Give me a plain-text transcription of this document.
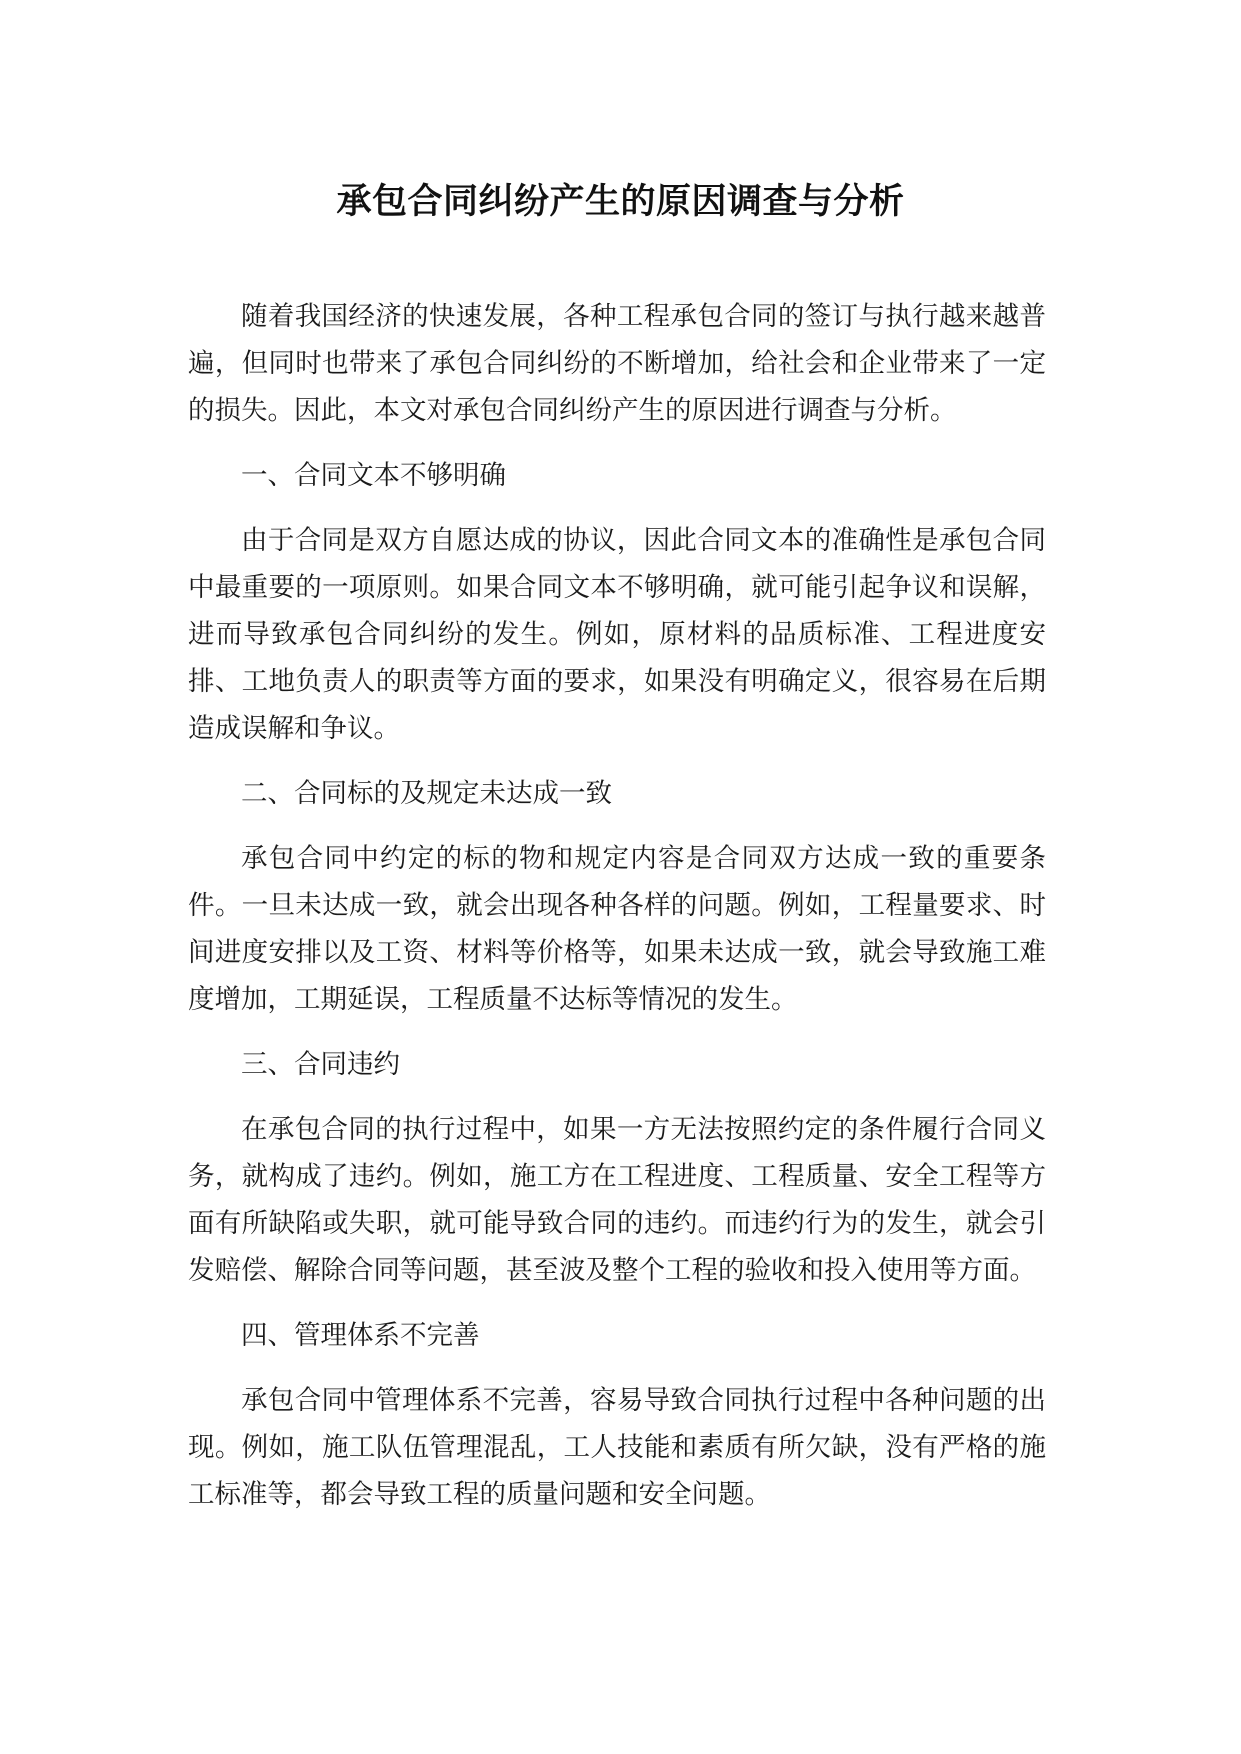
承包合同纠纷产生的原因调查与分析

随着我国经济的快速发展，各种工程承包合同的签订与执行越来越普遍，但同时也带来了承包合同纠纷的不断增加，给社会和企业带来了一定的损失。因此，本文对承包合同纠纷产生的原因进行调查与分析。

一、合同文本不够明确

由于合同是双方自愿达成的协议，因此合同文本的准确性是承包合同中最重要的一项原则。如果合同文本不够明确，就可能引起争议和误解，进而导致承包合同纠纷的发生。例如，原材料的品质标准、工程进度安排、工地负责人的职责等方面的要求，如果没有明确定义，很容易在后期造成误解和争议。

二、合同标的及规定未达成一致

承包合同中约定的标的物和规定内容是合同双方达成一致的重要条件。一旦未达成一致，就会出现各种各样的问题。例如，工程量要求、时间进度安排以及工资、材料等价格等，如果未达成一致，就会导致施工难度增加，工期延误，工程质量不达标等情况的发生。

三、合同违约

在承包合同的执行过程中，如果一方无法按照约定的条件履行合同义务，就构成了违约。例如，施工方在工程进度、工程质量、安全工程等方面有所缺陷或失职，就可能导致合同的违约。而违约行为的发生，就会引发赔偿、解除合同等问题，甚至波及整个工程的验收和投入使用等方面。

四、管理体系不完善

承包合同中管理体系不完善，容易导致合同执行过程中各种问题的出现。例如，施工队伍管理混乱，工人技能和素质有所欠缺，没有严格的施工标准等，都会导致工程的质量问题和安全问题。
